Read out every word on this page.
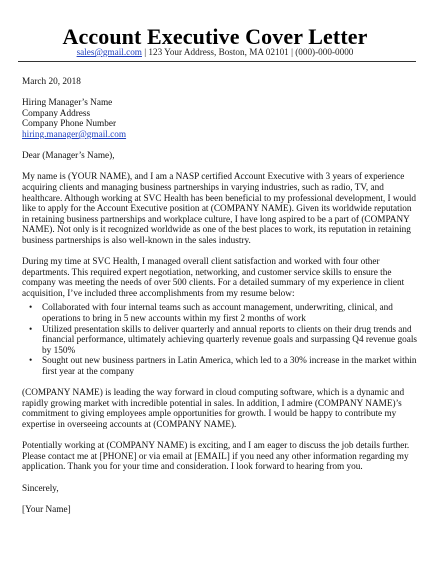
Account Executive Cover Letter
sales@gmail.com | 123 Your Address, Boston, MA 02101 | (000)-000-0000

March 20, 2018

Hiring Manager’s Name

Company Address

Company Phone Number

hiring.manager@gmail.com

Dear (Manager’s Name),

My name is (YOUR NAME), and I am a NASP certified Account Executive with 3 years of experience acquiring clients and managing business partnerships in varying industries, such as radio, TV, and healthcare. Although working at SVC Health has been beneficial to my professional development, I would like to apply for the Account Executive position at (COMPANY NAME). Given its worldwide reputation in retaining business partnerships and workplace culture, I have long aspired to be a part of (COMPANY NAME). Not only is it recognized worldwide as one of the best places to work, its reputation in retaining business partnerships is also well-known in the sales industry.

During my time at SVC Health, I managed overall client satisfaction and worked with four other departments. This required expert negotiation, networking, and customer service skills to ensure the company was meeting the needs of over 500 clients. For a detailed summary of my experience in client acquisition, I’ve included three accomplishments from my resume below:

• Collaborated with four internal teams such as account management, underwriting, clinical, and operations to bring in 5 new accounts within my first 2 months of work
• Utilized presentation skills to deliver quarterly and annual reports to clients on their drug trends and financial performance, ultimately achieving quarterly revenue goals and surpassing Q4 revenue goals by 150%
• Sought out new business partners in Latin America, which led to a 30% increase in the market within first year at the company

(COMPANY NAME) is leading the way forward in cloud computing software, which is a dynamic and rapidly growing market with incredible potential in sales. In addition, I admire (COMPANY NAME)’s commitment to giving employees ample opportunities for growth. I would be happy to contribute my expertise in overseeing accounts at (COMPANY NAME).

Potentially working at (COMPANY NAME) is exciting, and I am eager to discuss the job details further. Please contact me at [PHONE] or via email at [EMAIL] if you need any other information regarding my application. Thank you for your time and consideration. I look forward to hearing from you.

Sincerely,

[Your Name]
